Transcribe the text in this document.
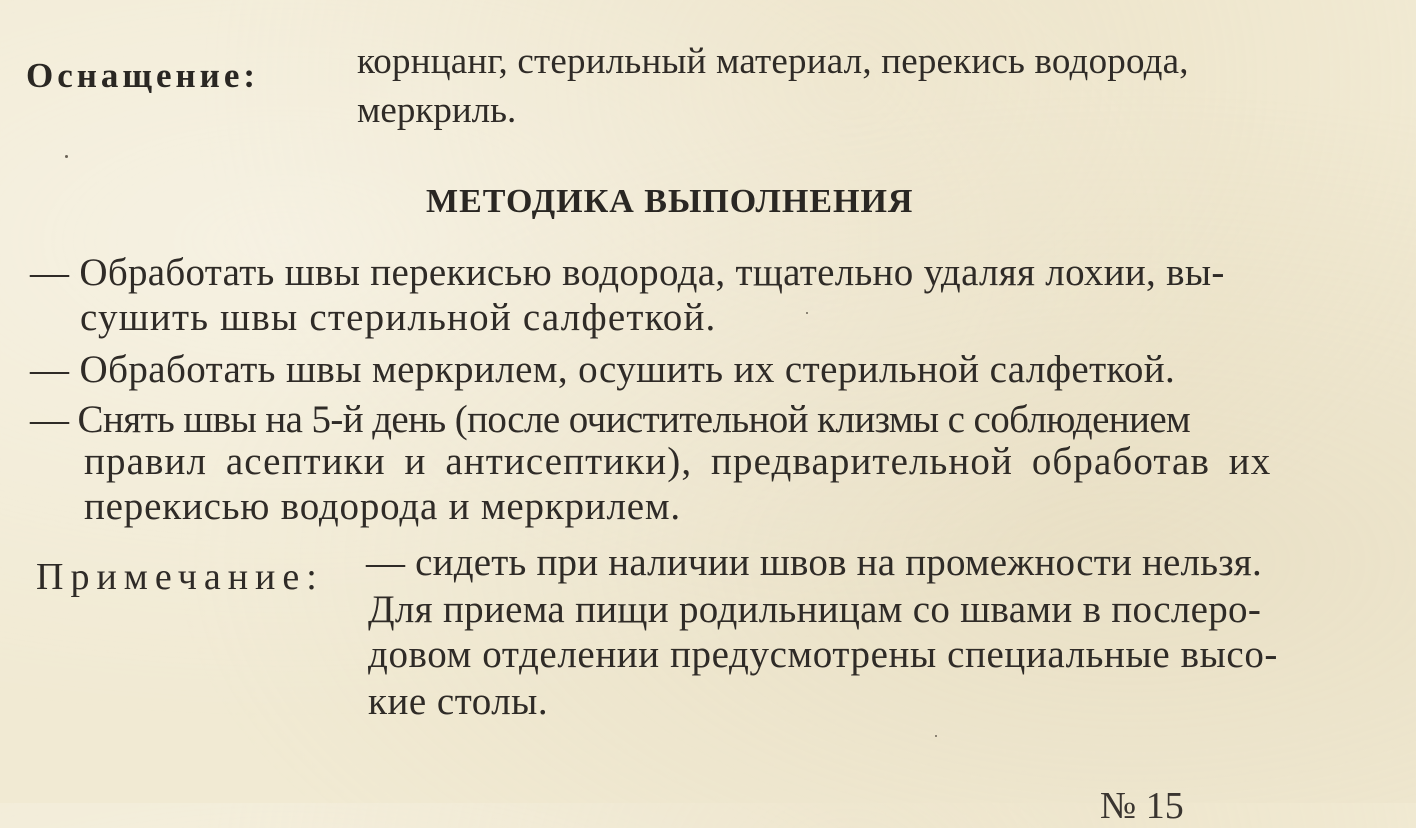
Оснащение:	корнцанг, стерильный материал, перекись водорода,
меркриль.
МЕТОДИКА ВЫПОЛНЕНИЯ
— Обработать швы перекисью водорода, тщательно удаляя лохии, вы-
сушить швы стерильной салфеткой.
— Обработать швы меркрилем, осушить их стерильной салфеткой.
— Снять швы на 5-й день (после очистительной клизмы с соблюдением
правил асептики и антисептики), предварительной обработав их
перекисью водорода и меркрилем.
Примечание: — сидеть при наличии швов на промежности нельзя.
Для приема пищи родильницам со швами в послеро-
довом отделении предусмотрены специальные высо-
кие столы.
№ 15
